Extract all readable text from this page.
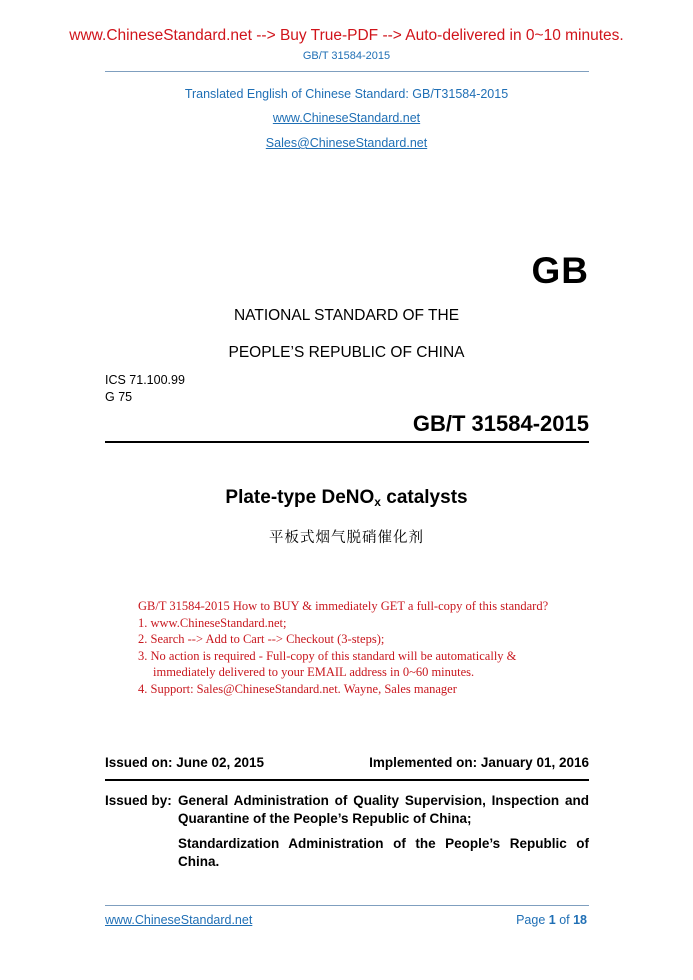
www.ChineseStandard.net --> Buy True-PDF --> Auto-delivered in 0~10 minutes.
GB/T 31584-2015
Translated English of Chinese Standard: GB/T31584-2015
www.ChineseStandard.net
Sales@ChineseStandard.net
GB
NATIONAL STANDARD OF THE
PEOPLE’S REPUBLIC OF CHINA
ICS 71.100.99
G 75
GB/T 31584-2015
Plate-type DeNO$_x$ catalysts
平板式烟气脱硝催化剂
GB/T 31584-2015 How to BUY & immediately GET a full-copy of this standard?
1. www.ChineseStandard.net;
2. Search --> Add to Cart --> Checkout (3-steps);
3. No action is required - Full-copy of this standard will be automatically &
immediately delivered to your EMAIL address in 0~60 minutes.
4. Support: Sales@ChineseStandard.net. Wayne, Sales manager
Issued on: June 02, 2015	Implemented on: January 01, 2016
Issued by: General Administration of Quality Supervision, Inspection and Quarantine of the People’s Republic of China;

Standardization Administration of the People’s Republic of China.

www.ChineseStandard.net	Page 1 of 18
